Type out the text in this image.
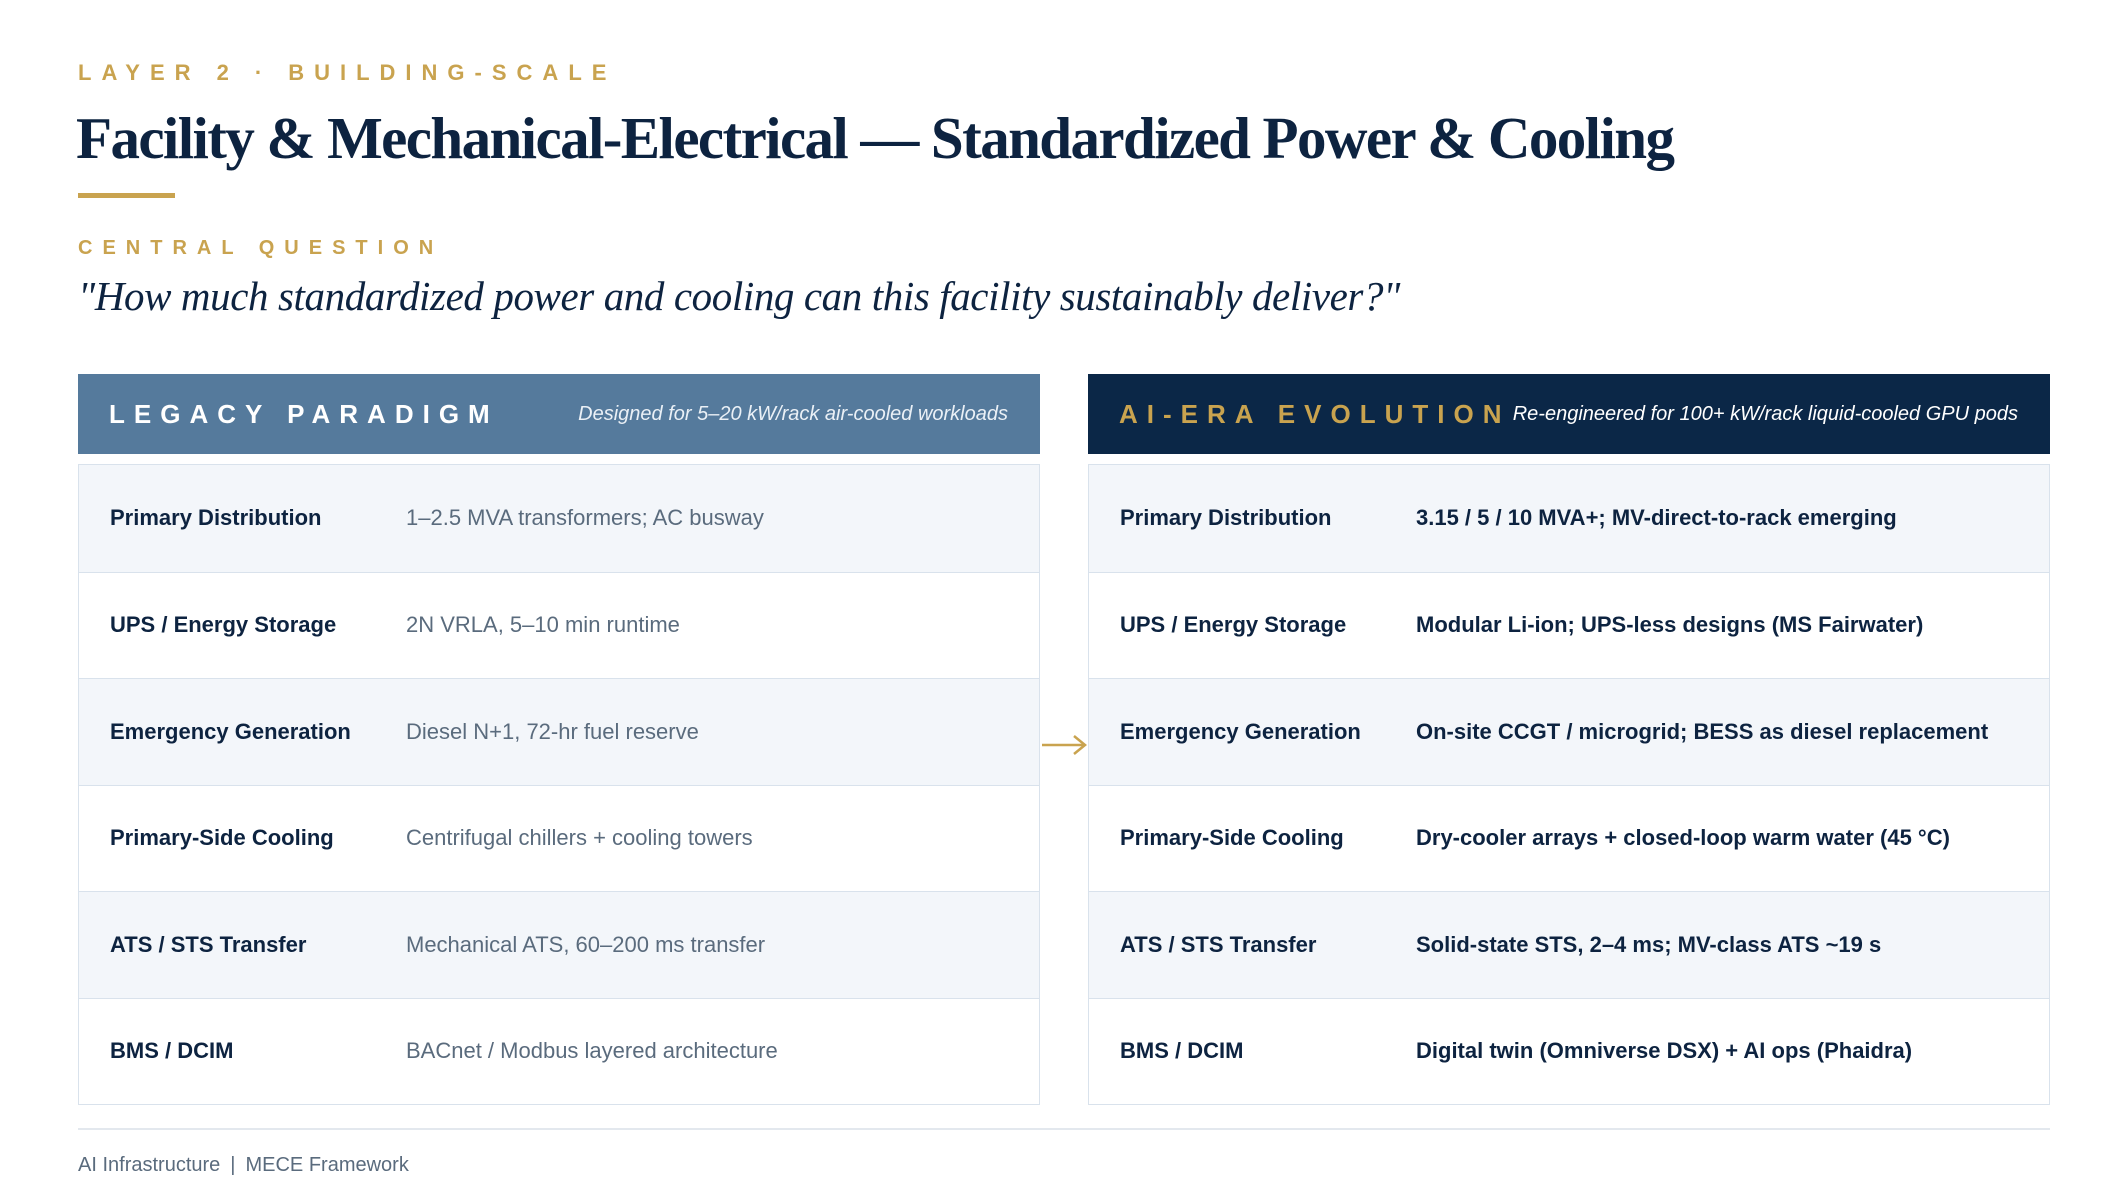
LAYER 2 · BUILDING-SCALE
Facility & Mechanical-Electrical — Standardized Power & Cooling
CENTRAL QUESTION
"How much standardized power and cooling can this facility sustainably deliver?"
LEGACY PARADIGM	Designed for 5–20 kW/rack air-cooled workloads
Primary Distribution	1–2.5 MVA transformers; AC busway
UPS / Energy Storage	2N VRLA, 5–10 min runtime
Emergency Generation	Diesel N+1, 72-hr fuel reserve
Primary-Side Cooling	Centrifugal chillers + cooling towers
ATS / STS Transfer	Mechanical ATS, 60–200 ms transfer
BMS / DCIM	BACnet / Modbus layered architecture
AI-ERA EVOLUTION Re-engineered for 100+ kW/rack liquid-cooled GPU pods
Primary Distribution	3.15 / 5 / 10 MVA+; MV-direct-to-rack emerging
UPS / Energy Storage	Modular Li-ion; UPS-less designs (MS Fairwater)
Emergency Generation	On-site CCGT / microgrid; BESS as diesel replacement
Primary-Side Cooling	Dry-cooler arrays + closed-loop warm water (45 °C)
ATS / STS Transfer	Solid-state STS, 2–4 ms; MV-class ATS ~19 s
BMS / DCIM	Digital twin (Omniverse DSX) + AI ops (Phaidra)
AI Infrastructure | MECE Framework
